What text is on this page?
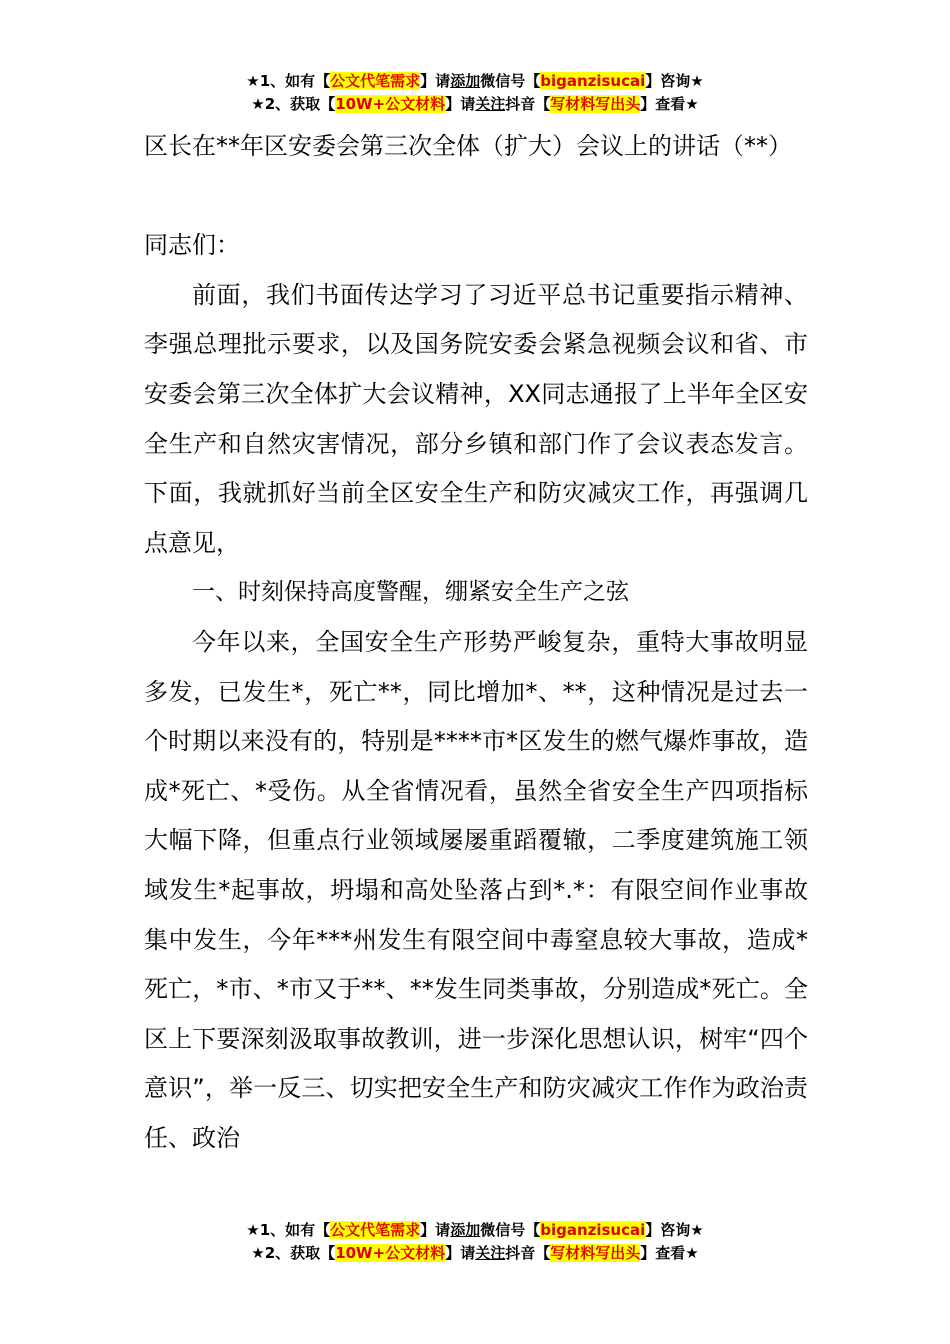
★1、如有【公文代笔需求】请添加微信号【biganzisucai】咨询★
★2、获取【10W+公文材料】请关注抖音【写材料写出头】查看★

区长在**年区安委会第三次全体（扩大）会议上的讲话（**）

同志们：

前面，我们书面传达学习了习近平总书记重要指示精神、李强总理批示要求，以及国务院安委会紧急视频会议和省、市安委会第三次全体扩大会议精神，XX同志通报了上半年全区安全生产和自然灾害情况，部分乡镇和部门作了会议表态发言。下面，我就抓好当前全区安全生产和防灾减灾工作，再强调几点意见，

一、时刻保持高度警醒，绷紧安全生产之弦

今年以来，全国安全生产形势严峻复杂，重特大事故明显多发，已发生*，死亡**，同比增加*、**，这种情况是过去一个时期以来没有的，特别是****市*区发生的燃气爆炸事故，造成*死亡、*受伤。从全省情况看，虽然全省安全生产四项指标大幅下降，但重点行业领域屡屡重蹈覆辙，二季度建筑施工领域发生*起事故，坍塌和高处坠落占到*.*：有限空间作业事故集中发生，今年***州发生有限空间中毒窒息较大事故，造成*死亡，*市、*市又于**、**发生同类事故，分别造成*死亡。全区上下要深刻汲取事故教训，进一步深化思想认识，树牢“四个意识”，举一反三、切实把安全生产和防灾减灾工作作为政治责任、政治

★1、如有【公文代笔需求】请添加微信号【biganzisucai】咨询★
★2、获取【10W+公文材料】请关注抖音【写材料写出头】查看★
